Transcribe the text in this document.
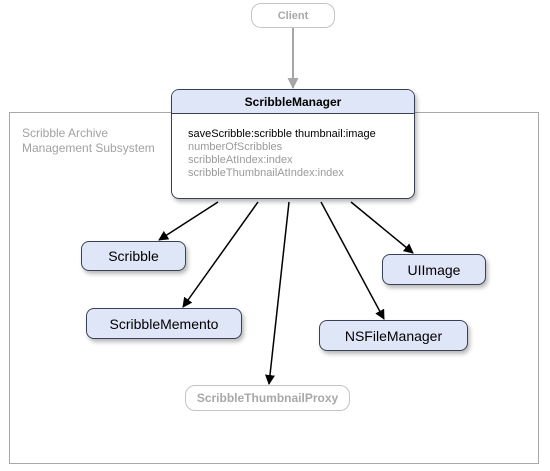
Scribble Archive
Management Subsystem
Client
ScribbleManager
saveScribble:scribble thumbnail:image
numberOfScribbles
scribbleAtIndex:index
scribbleThumbnailAtIndex:index
Scribble
ScribbleMemento
UIImage
NSFileManager
ScribbleThumbnailProxy
